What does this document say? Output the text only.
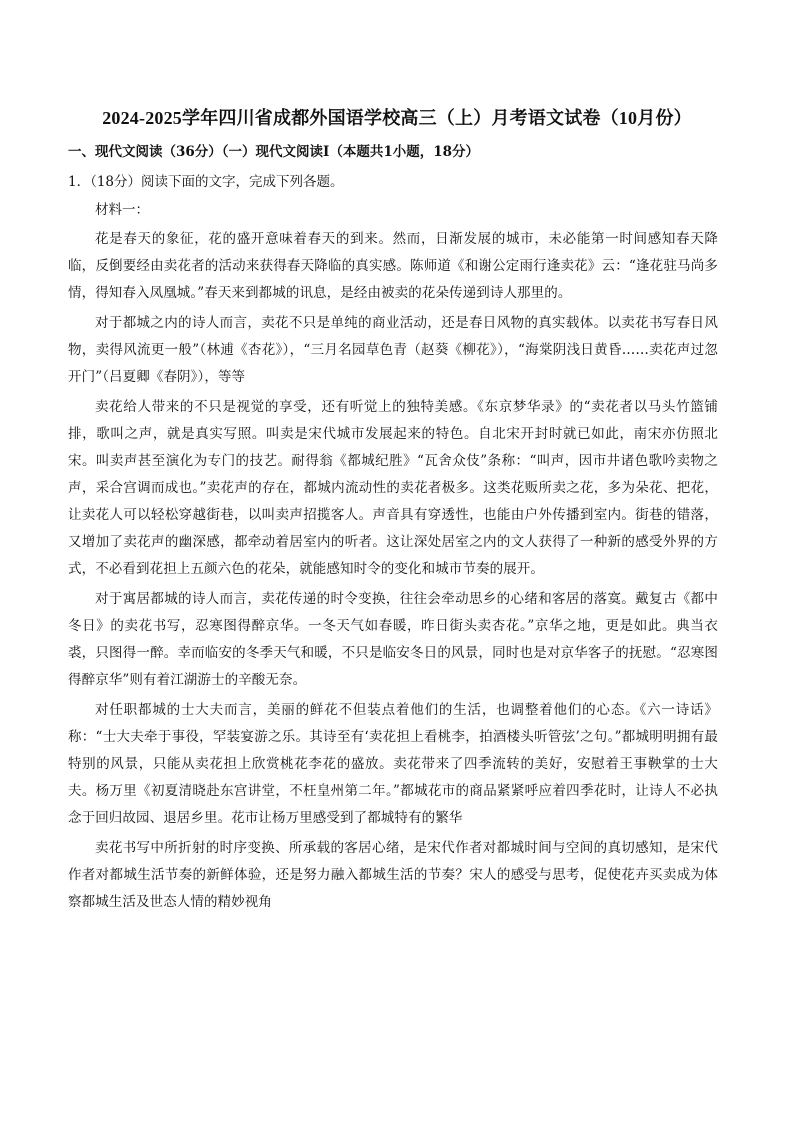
2024-2025学年四川省成都外国语学校高三（上）月考语文试卷（10月份）
一、现代文阅读（36分）（一）现代文阅读Ⅰ（本题共1小题，18分）
1．（18分）阅读下面的文字，完成下列各题。
材料一：

花是春天的象征，花的盛开意味着春天的到来。然而，日渐发展的城市，未必能第一时间感知春天降临，反倒要经由卖花者的活动来获得春天降临的真实感。陈师道《和谢公定雨行逢卖花》云：“逢花驻马尚多情，得知春入凤凰城。”春天来到都城的讯息，是经由被卖的花朵传递到诗人那里的。

对于都城之内的诗人而言，卖花不只是单纯的商业活动，还是春日风物的真实载体。以卖花书写春日风物，卖得风流更一般”（林逋《杏花》），“三月名园草色青（赵葵《柳花》），“海棠阴浅日黄昏……卖花声过忽开门”（吕夏卿《春阴》），等等

卖花给人带来的不只是视觉的享受，还有听觉上的独特美感。《东京梦华录》的“卖花者以马头竹篮铺排，歌叫之声，就是真实写照。叫卖是宋代城市发展起来的特色。自北宋开封时就已如此，南宋亦仿照北宋。叫卖声甚至演化为专门的技艺。耐得翁《都城纪胜》“瓦舍众伎”条称：“叫声，因市井诸色歌吟卖物之声，采合宫调而成也。”卖花声的存在，都城内流动性的卖花者极多。这类花贩所卖之花，多为朵花、把花，让卖花人可以轻松穿越街巷，以叫卖声招揽客人。声音具有穿透性，也能由户外传播到室内。街巷的错落，又增加了卖花声的幽深感，都牵动着居室内的听者。这让深处居室之内的文人获得了一种新的感受外界的方式，不必看到花担上五颜六色的花朵，就能感知时令的变化和城市节奏的展开。

对于寓居都城的诗人而言，卖花传递的时令变换，往往会牵动思乡的心绪和客居的落寞。戴复古《都中冬日》的卖花书写，忍寒图得醉京华。一冬天气如春暖，昨日街头卖杏花。”京华之地，更是如此。典当衣裘，只图得一醉。幸而临安的冬季天气和暖，不只是临安冬日的风景，同时也是对京华客子的抚慰。“忍寒图得醉京华”则有着江湖游士的辛酸无奈。

对任职都城的士大夫而言，美丽的鲜花不但装点着他们的生活，也调整着他们的心态。《六一诗话》称：“士大夫牵于事役，罕装宴游之乐。其诗至有‘卖花担上看桃李，拍酒楼头听管弦’之句。”都城明明拥有最特别的风景，只能从卖花担上欣赏桃花李花的盛放。卖花带来了四季流转的美好，安慰着王事鞅掌的士大夫。杨万里《初夏清晓赴东宫讲堂，不枉皇州第二年。”都城花市的商品紧紧呼应着四季花时，让诗人不必执念于回归故园、退居乡里。花市让杨万里感受到了都城特有的繁华

卖花书写中所折射的时序变换、所承载的客居心绪，是宋代作者对都城时间与空间的真切感知，是宋代作者对都城生活节奏的新鲜体验，还是努力融入都城生活的节奏？宋人的感受与思考，促使花卉买卖成为体察都城生活及世态人情的精妙视角
